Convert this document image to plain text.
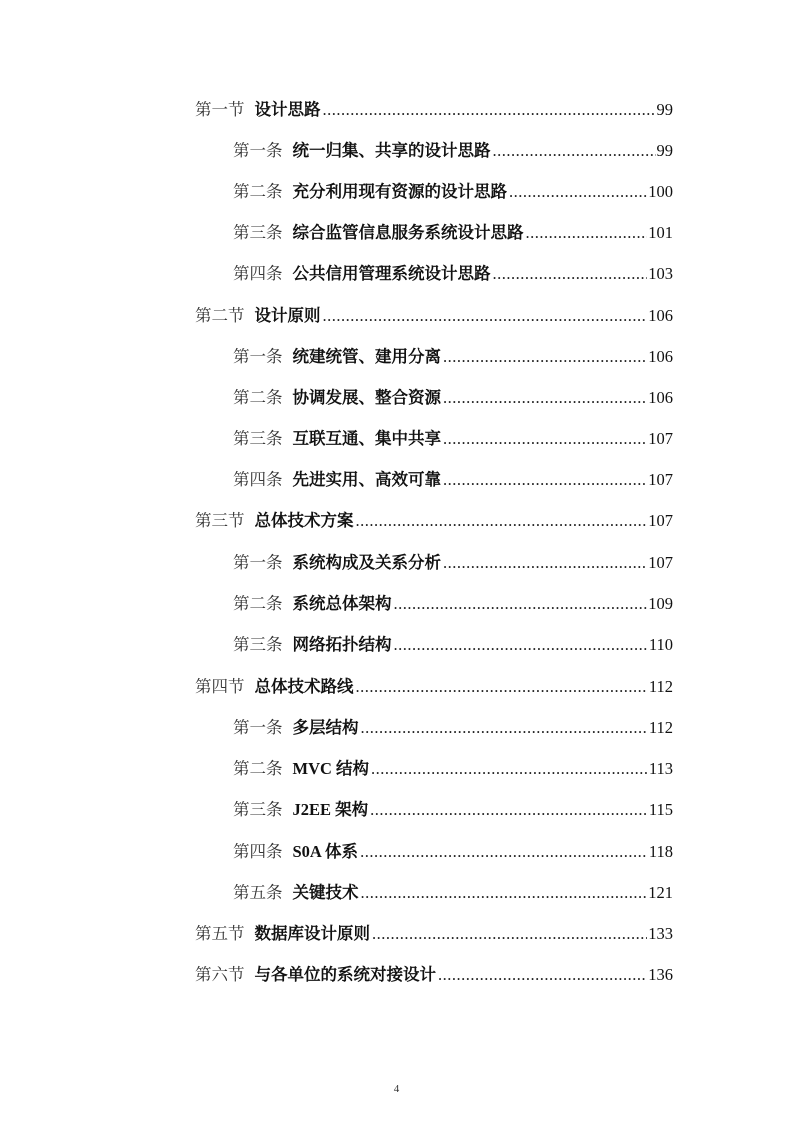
第一节 设计思路 .....	99
第一条 统一归集、共享的设计思路 .....	99
第二条 充分利用现有资源的设计思路 .....	100
第三条 综合监管信息服务系统设计思路 .....	101
第四条 公共信用管理系统设计思路 .....	103
第二节 设计原则 .....	106
第一条 统建统管、建用分离 .....	106
第二条 协调发展、整合资源 .....	106
第三条 互联互通、集中共享 .....	107
第四条 先进实用、高效可靠 .....	107
第三节 总体技术方案 .....	107
第一条 系统构成及关系分析 .....	107
第二条 系统总体架构 .....	109
第三条 网络拓扑结构 .....	110
第四节 总体技术路线 .....	112
第一条 多层结构 .....	112
第二条 MVC 结构 .....	113
第三条 J2EE 架构 .....	115
第四条 S0A 体系 .....	118
第五条 关键技术 .....	121
第五节 数据库设计原则 .....	133
第六节 与各单位的系统对接设计 .....	136
4
